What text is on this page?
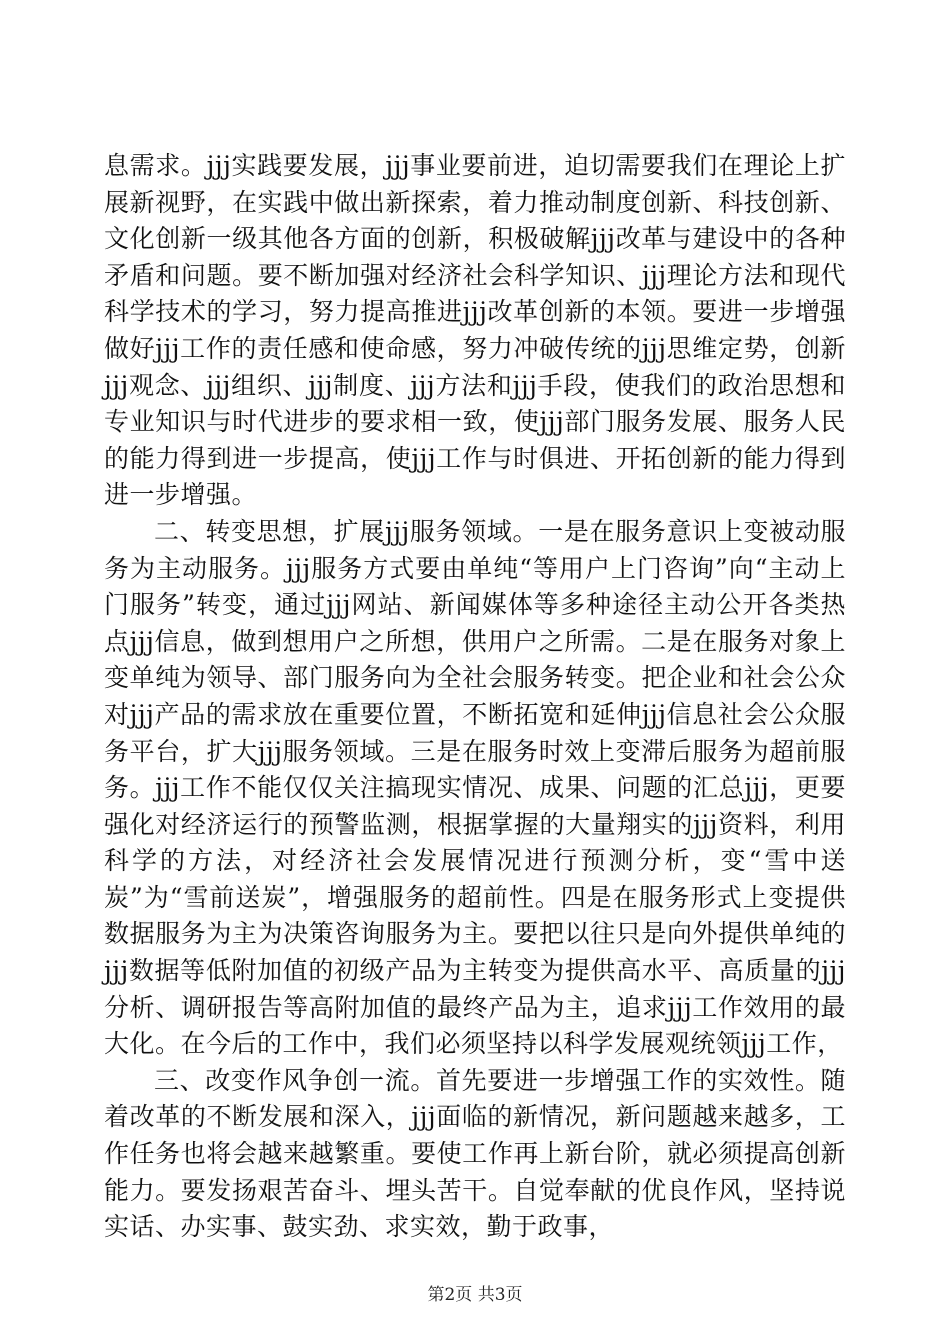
息需求。jjj实践要发展，jjj事业要前进，迫切需要我们在理论上扩展新视野，在实践中做出新探索，着力推动制度创新、科技创新、文化创新一级其他各方面的创新，积极破解jjj改革与建设中的各种矛盾和问题。要不断加强对经济社会科学知识、jjj理论方法和现代科学技术的学习，努力提高推进jjj改革创新的本领。要进一步增强做好jjj工作的责任感和使命感，努力冲破传统的jjj思维定势，创新jjj观念、jjj组织、jjj制度、jjj方法和jjj手段，使我们的政治思想和专业知识与时代进步的要求相一致，使jjj部门服务发展、服务人民的能力得到进一步提高，使jjj工作与时俱进、开拓创新的能力得到进一步增强。

二、转变思想，扩展jjj服务领域。一是在服务意识上变被动服务为主动服务。jjj服务方式要由单纯“等用户上门咨询”向“主动上门服务”转变，通过jjj网站、新闻媒体等多种途径主动公开各类热点jjj信息，做到想用户之所想，供用户之所需。二是在服务对象上变单纯为领导、部门服务向为全社会服务转变。把企业和社会公众对jjj产品的需求放在重要位置，不断拓宽和延伸jjj信息社会公众服务平台，扩大jjj服务领域。三是在服务时效上变滞后服务为超前服务。jjj工作不能仅仅关注搞现实情况、成果、问题的汇总jjj，更要强化对经济运行的预警监测，根据掌握的大量翔实的jjj资料，利用科学的方法，对经济社会发展情况进行预测分析，变“雪中送炭”为“雪前送炭”，增强服务的超前性。四是在服务形式上变提供数据服务为主为决策咨询服务为主。要把以往只是向外提供单纯的jjj数据等低附加值的初级产品为主转变为提供高水平、高质量的jjj分析、调研报告等高附加值的最终产品为主，追求jjj工作效用的最大化。在今后的工作中，我们必须坚持以科学发展观统领jjj工作，

三、改变作风争创一流。首先要进一步增强工作的实效性。随着改革的不断发展和深入，jjj面临的新情况，新问题越来越多，工作任务也将会越来越繁重。要使工作再上新台阶，就必须提高创新能力。要发扬艰苦奋斗、埋头苦干。自觉奉献的优良作风，坚持说实话、办实事、鼓实劲、求实效，勤于政事，

第2页 共3页
